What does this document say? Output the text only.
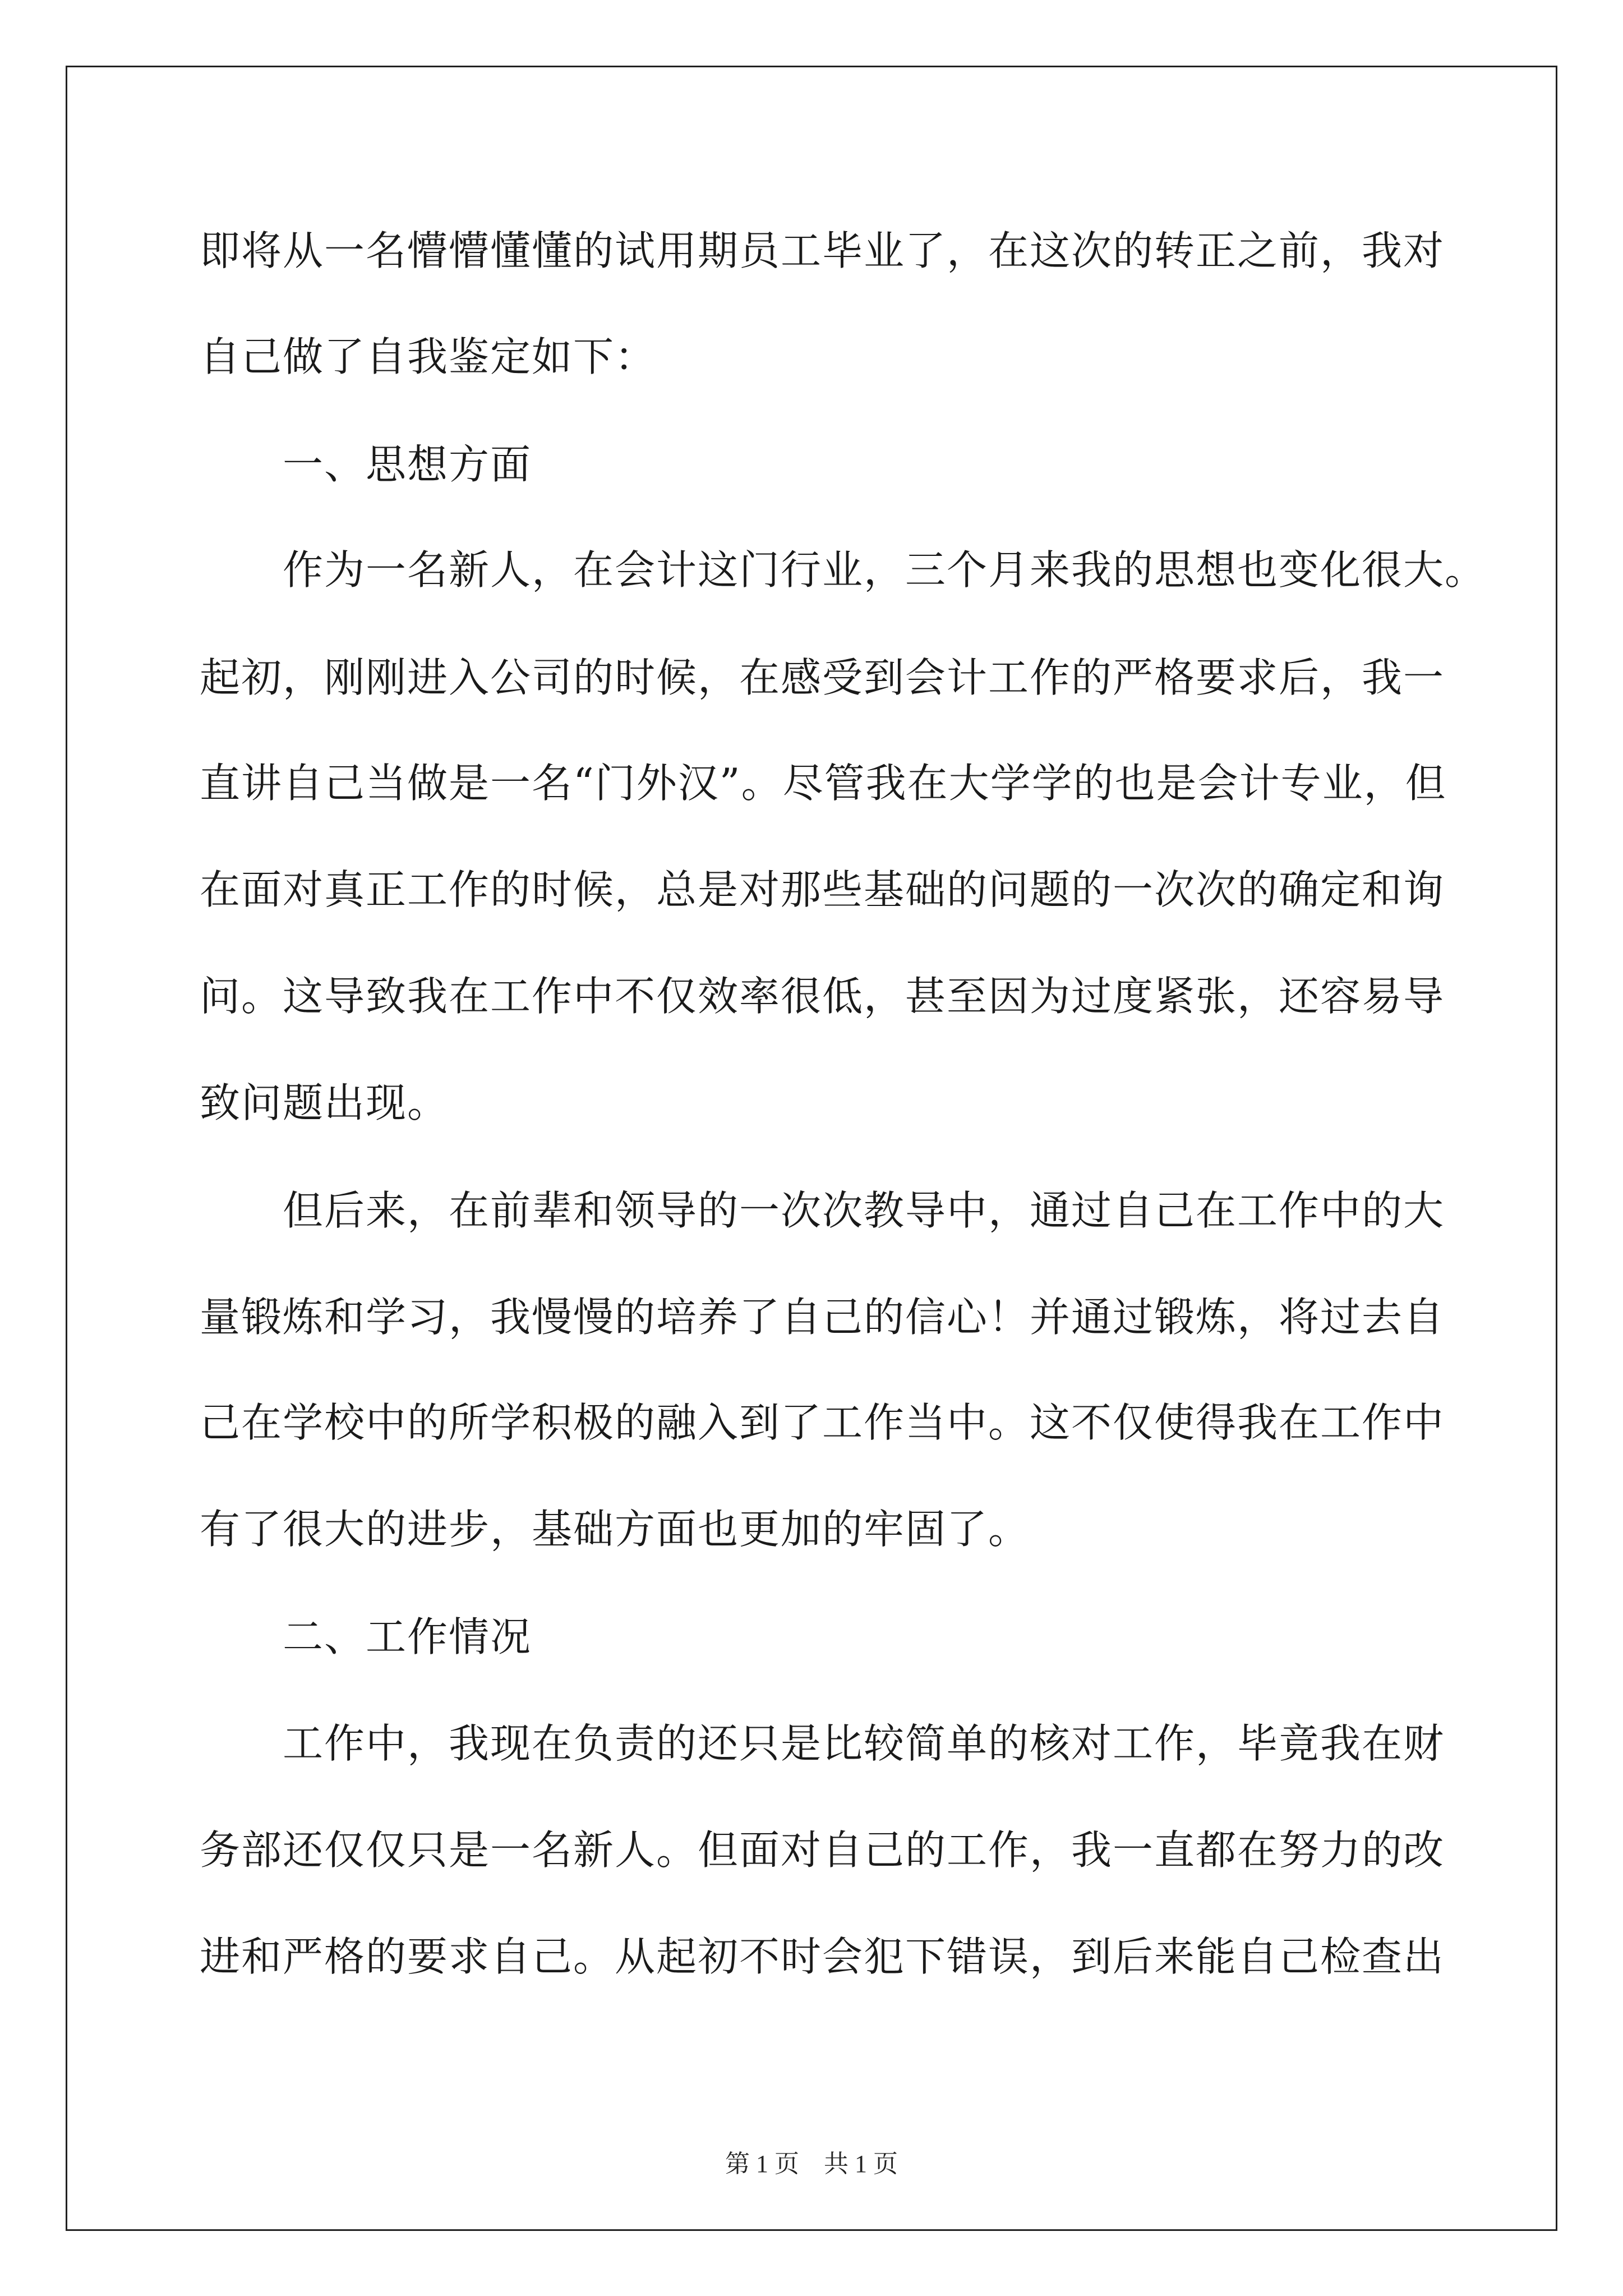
即将从一名懵懵懂懂的试用期员工毕业了，在这次的转正之前，我对
自己做了自我鉴定如下：
　　一、思想方面
　　作为一名新人，在会计这门行业，三个月来我的思想也变化很大。
起初，刚刚进入公司的时候，在感受到会计工作的严格要求后，我一
直讲自己当做是一名“门外汉”。尽管我在大学学的也是会计专业，但
在面对真正工作的时候，总是对那些基础的问题的一次次的确定和询
问。这导致我在工作中不仅效率很低，甚至因为过度紧张，还容易导
致问题出现。
　　但后来，在前辈和领导的一次次教导中，通过自己在工作中的大
量锻炼和学习，我慢慢的培养了自己的信心！并通过锻炼，将过去自
己在学校中的所学积极的融入到了工作当中。这不仅使得我在工作中
有了很大的进步，基础方面也更加的牢固了。
　　二、工作情况
　　工作中，我现在负责的还只是比较简单的核对工作，毕竟我在财
务部还仅仅只是一名新人。但面对自己的工作，我一直都在努力的改
进和严格的要求自己。从起初不时会犯下错误，到后来能自己检查出
第 1 页　共 1 页
